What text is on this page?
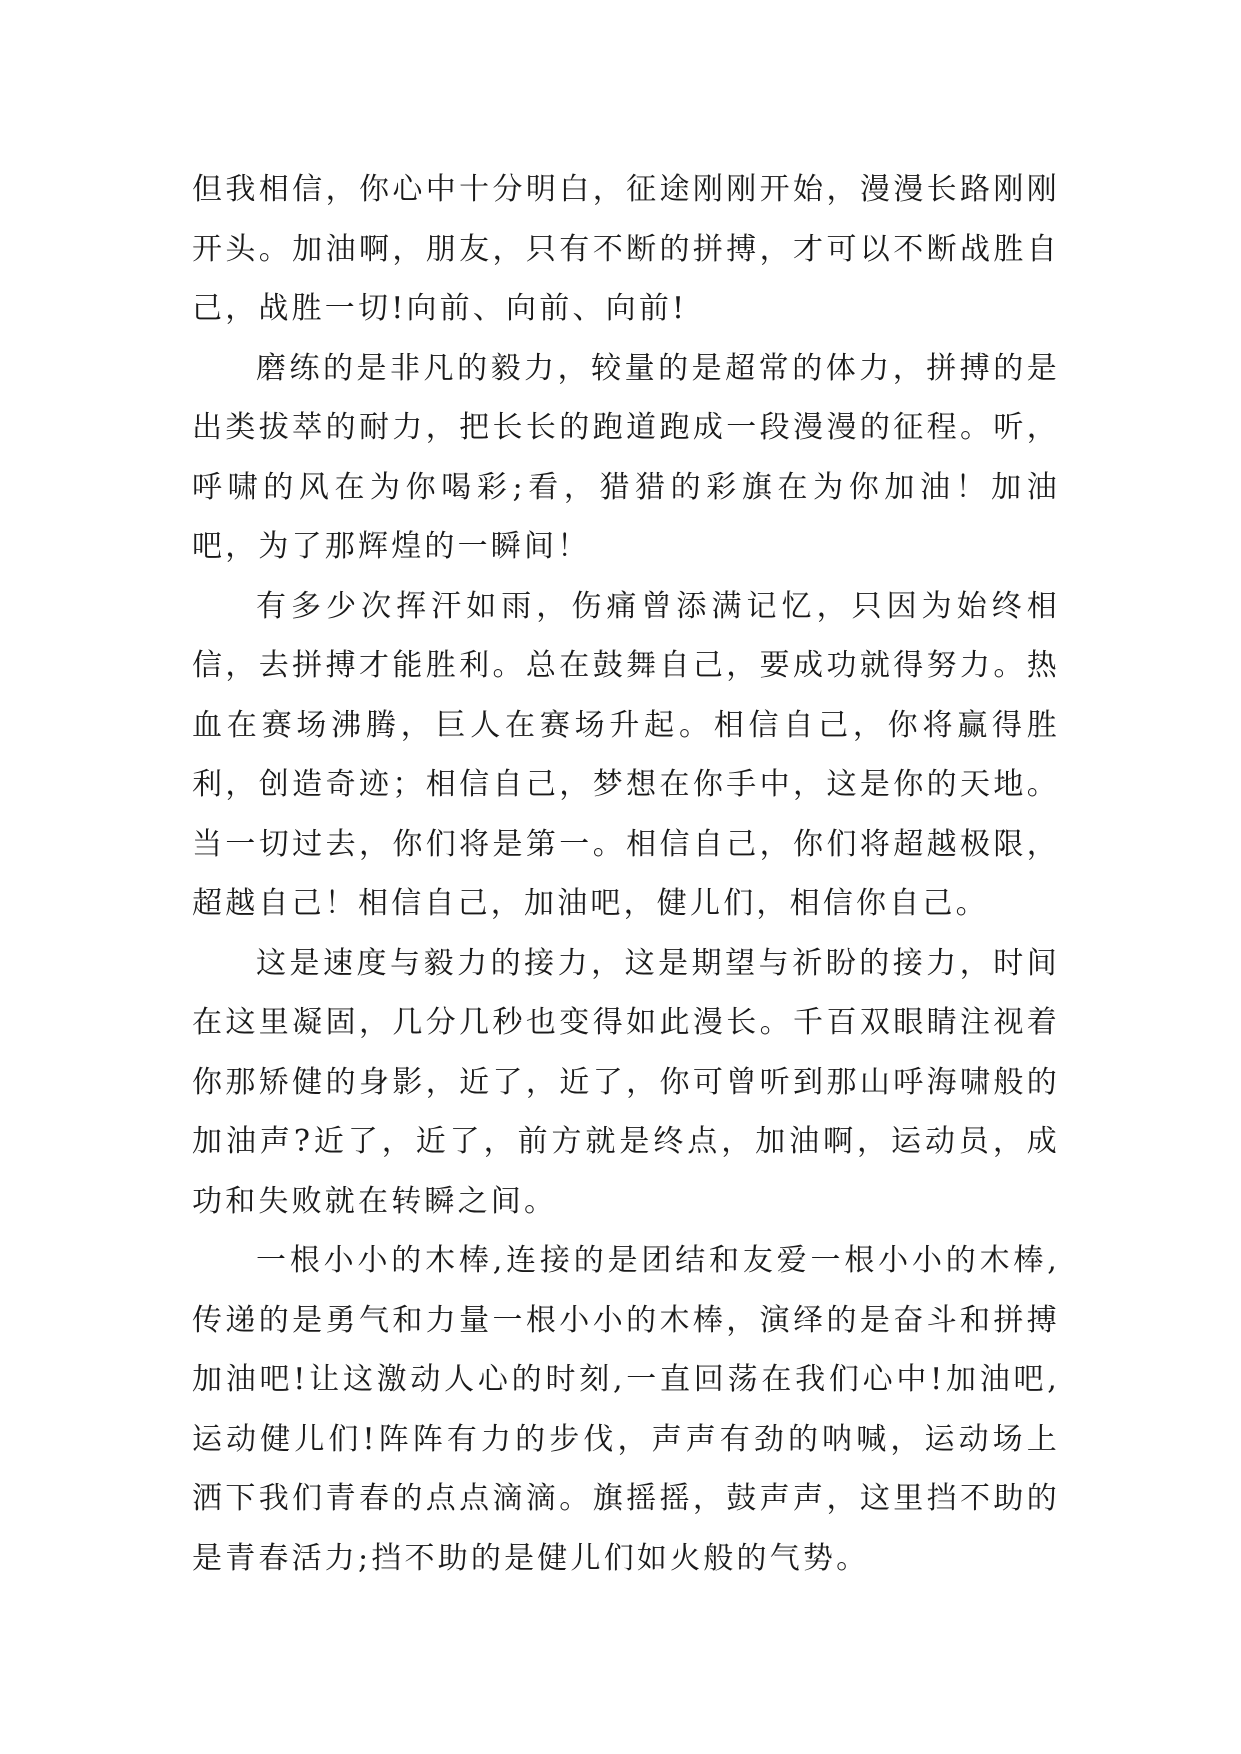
但我相信，你心中十分明白，征途刚刚开始，漫漫长路刚刚开头。加油啊，朋友，只有不断的拼搏，才可以不断战胜自己，战胜一切!向前、向前、向前!

磨练的是非凡的毅力，较量的是超常的体力，拼搏的是出类拔萃的耐力，把长长的跑道跑成一段漫漫的征程。听，呼啸的风在为你喝彩;看，猎猎的彩旗在为你加油！加油吧，为了那辉煌的一瞬间！

有多少次挥汗如雨，伤痛曾添满记忆，只因为始终相信，去拼搏才能胜利。总在鼓舞自己，要成功就得努力。热血在赛场沸腾，巨人在赛场升起。相信自己，你将赢得胜利，创造奇迹；相信自己，梦想在你手中，这是你的天地。当一切过去，你们将是第一。相信自己，你们将超越极限，超越自己！相信自己，加油吧，健儿们，相信你自己。

这是速度与毅力的接力，这是期望与祈盼的接力，时间在这里凝固，几分几秒也变得如此漫长。千百双眼睛注视着你那矫健的身影，近了，近了，你可曾听到那山呼海啸般的加油声?近了，近了，前方就是终点，加油啊，运动员，成功和失败就在转瞬之间。

一根小小的木棒,连接的是团结和友爱一根小小的木棒,传递的是勇气和力量一根小小的木棒，演绎的是奋斗和拼搏加油吧!让这激动人心的时刻,一直回荡在我们心中!加油吧,运动健儿们!阵阵有力的步伐，声声有劲的呐喊，运动场上洒下我们青春的点点滴滴。旗摇摇，鼓声声，这里挡不助的是青春活力;挡不助的是健儿们如火般的气势。
